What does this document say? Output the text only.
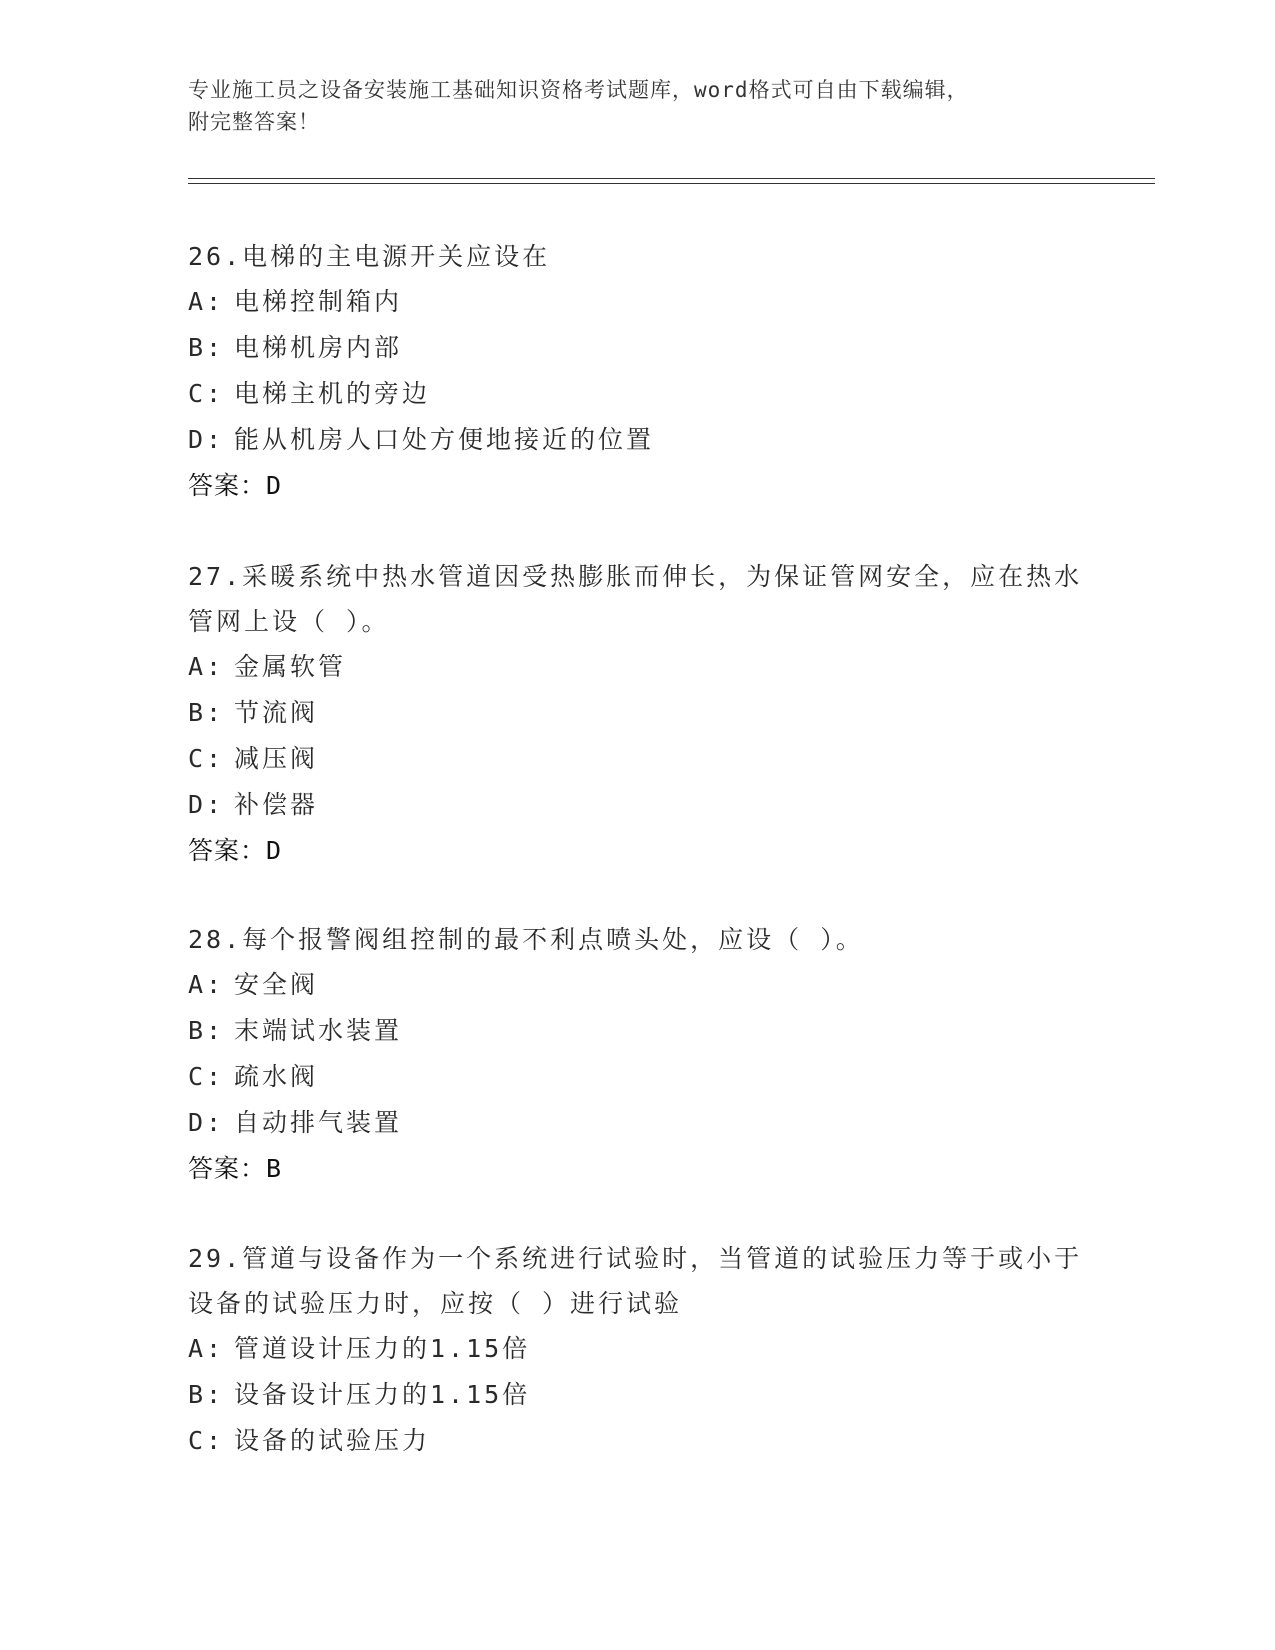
专业施工员之设备安装施工基础知识资格考试题库，word格式可自由下载编辑，
附完整答案！
26.电梯的主电源开关应设在
A: 电梯控制箱内
B: 电梯机房内部
C: 电梯主机的旁边
D: 能从机房人口处方便地接近的位置
答案：D
27.采暖系统中热水管道因受热膨胀而伸长，为保证管网安全，应在热水管网上设（ ）。
A: 金属软管
B: 节流阀
C: 减压阀
D: 补偿器
答案：D
28.每个报警阀组控制的最不利点喷头处，应设（ ）。
A: 安全阀
B: 末端试水装置
C: 疏水阀
D: 自动排气装置
答案：B
29.管道与设备作为一个系统进行试验时，当管道的试验压力等于或小于设备的试验压力时，应按（ ）进行试验
A: 管道设计压力的1.15倍
B: 设备设计压力的1.15倍
C: 设备的试验压力
